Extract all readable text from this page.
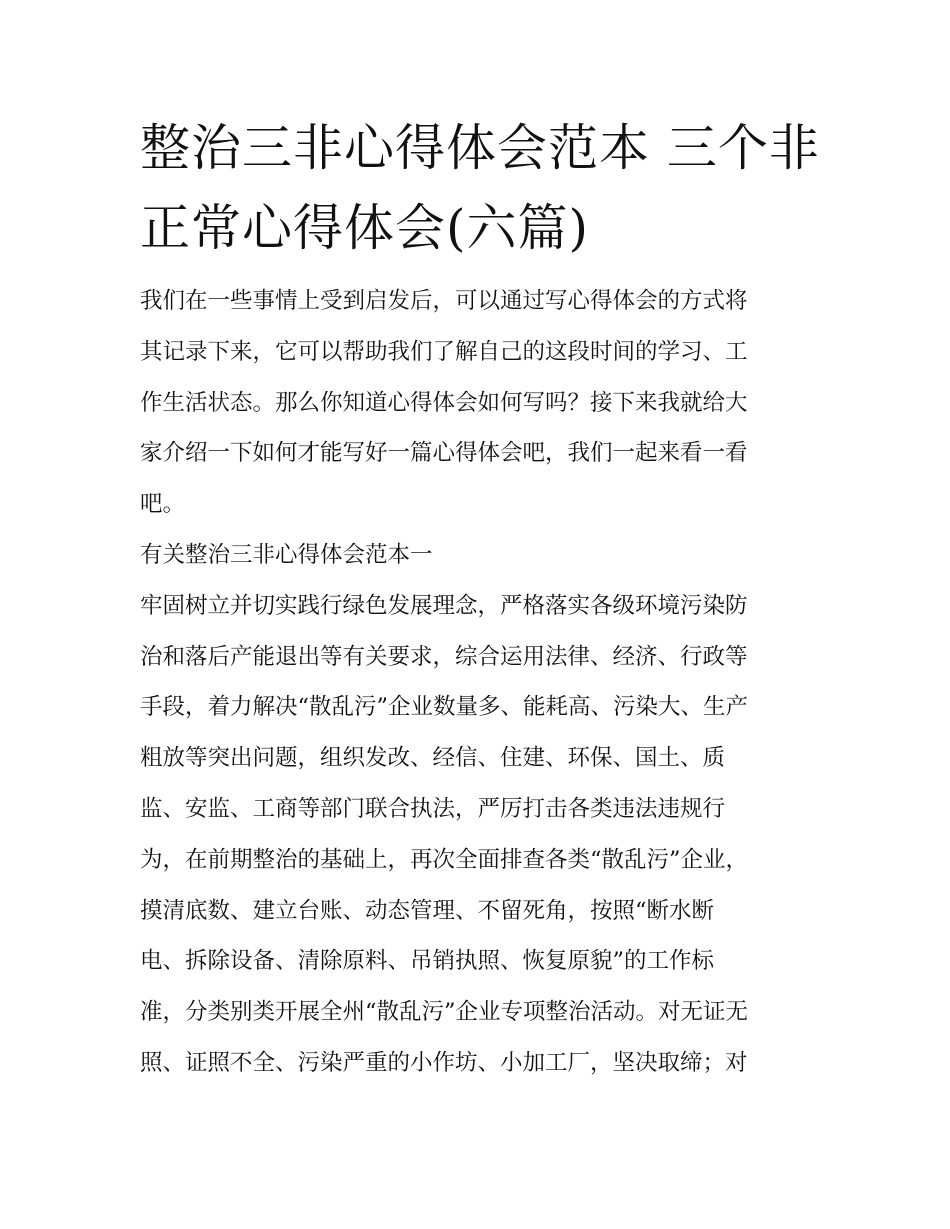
整治三非心得体会范本 三个非
正常心得体会(六篇)
我们在一些事情上受到启发后，可以通过写心得体会的方式将
其记录下来，它可以帮助我们了解自己的这段时间的学习、工
作生活状态。那么你知道心得体会如何写吗？接下来我就给大
家介绍一下如何才能写好一篇心得体会吧，我们一起来看一看
吧。
有关整治三非心得体会范本一
牢固树立并切实践行绿色发展理念，严格落实各级环境污染防
治和落后产能退出等有关要求，综合运用法律、经济、行政等
手段，着力解决“散乱污”企业数量多、能耗高、污染大、生产
粗放等突出问题，组织发改、经信、住建、环保、国土、质
监、安监、工商等部门联合执法，严厉打击各类违法违规行
为，在前期整治的基础上，再次全面排查各类“散乱污”企业，
摸清底数、建立台账、动态管理、不留死角，按照“断水断
电、拆除设备、清除原料、吊销执照、恢复原貌”的工作标
准，分类别类开展全州“散乱污”企业专项整治活动。对无证无
照、证照不全、污染严重的小作坊、小加工厂，坚决取缔；对
